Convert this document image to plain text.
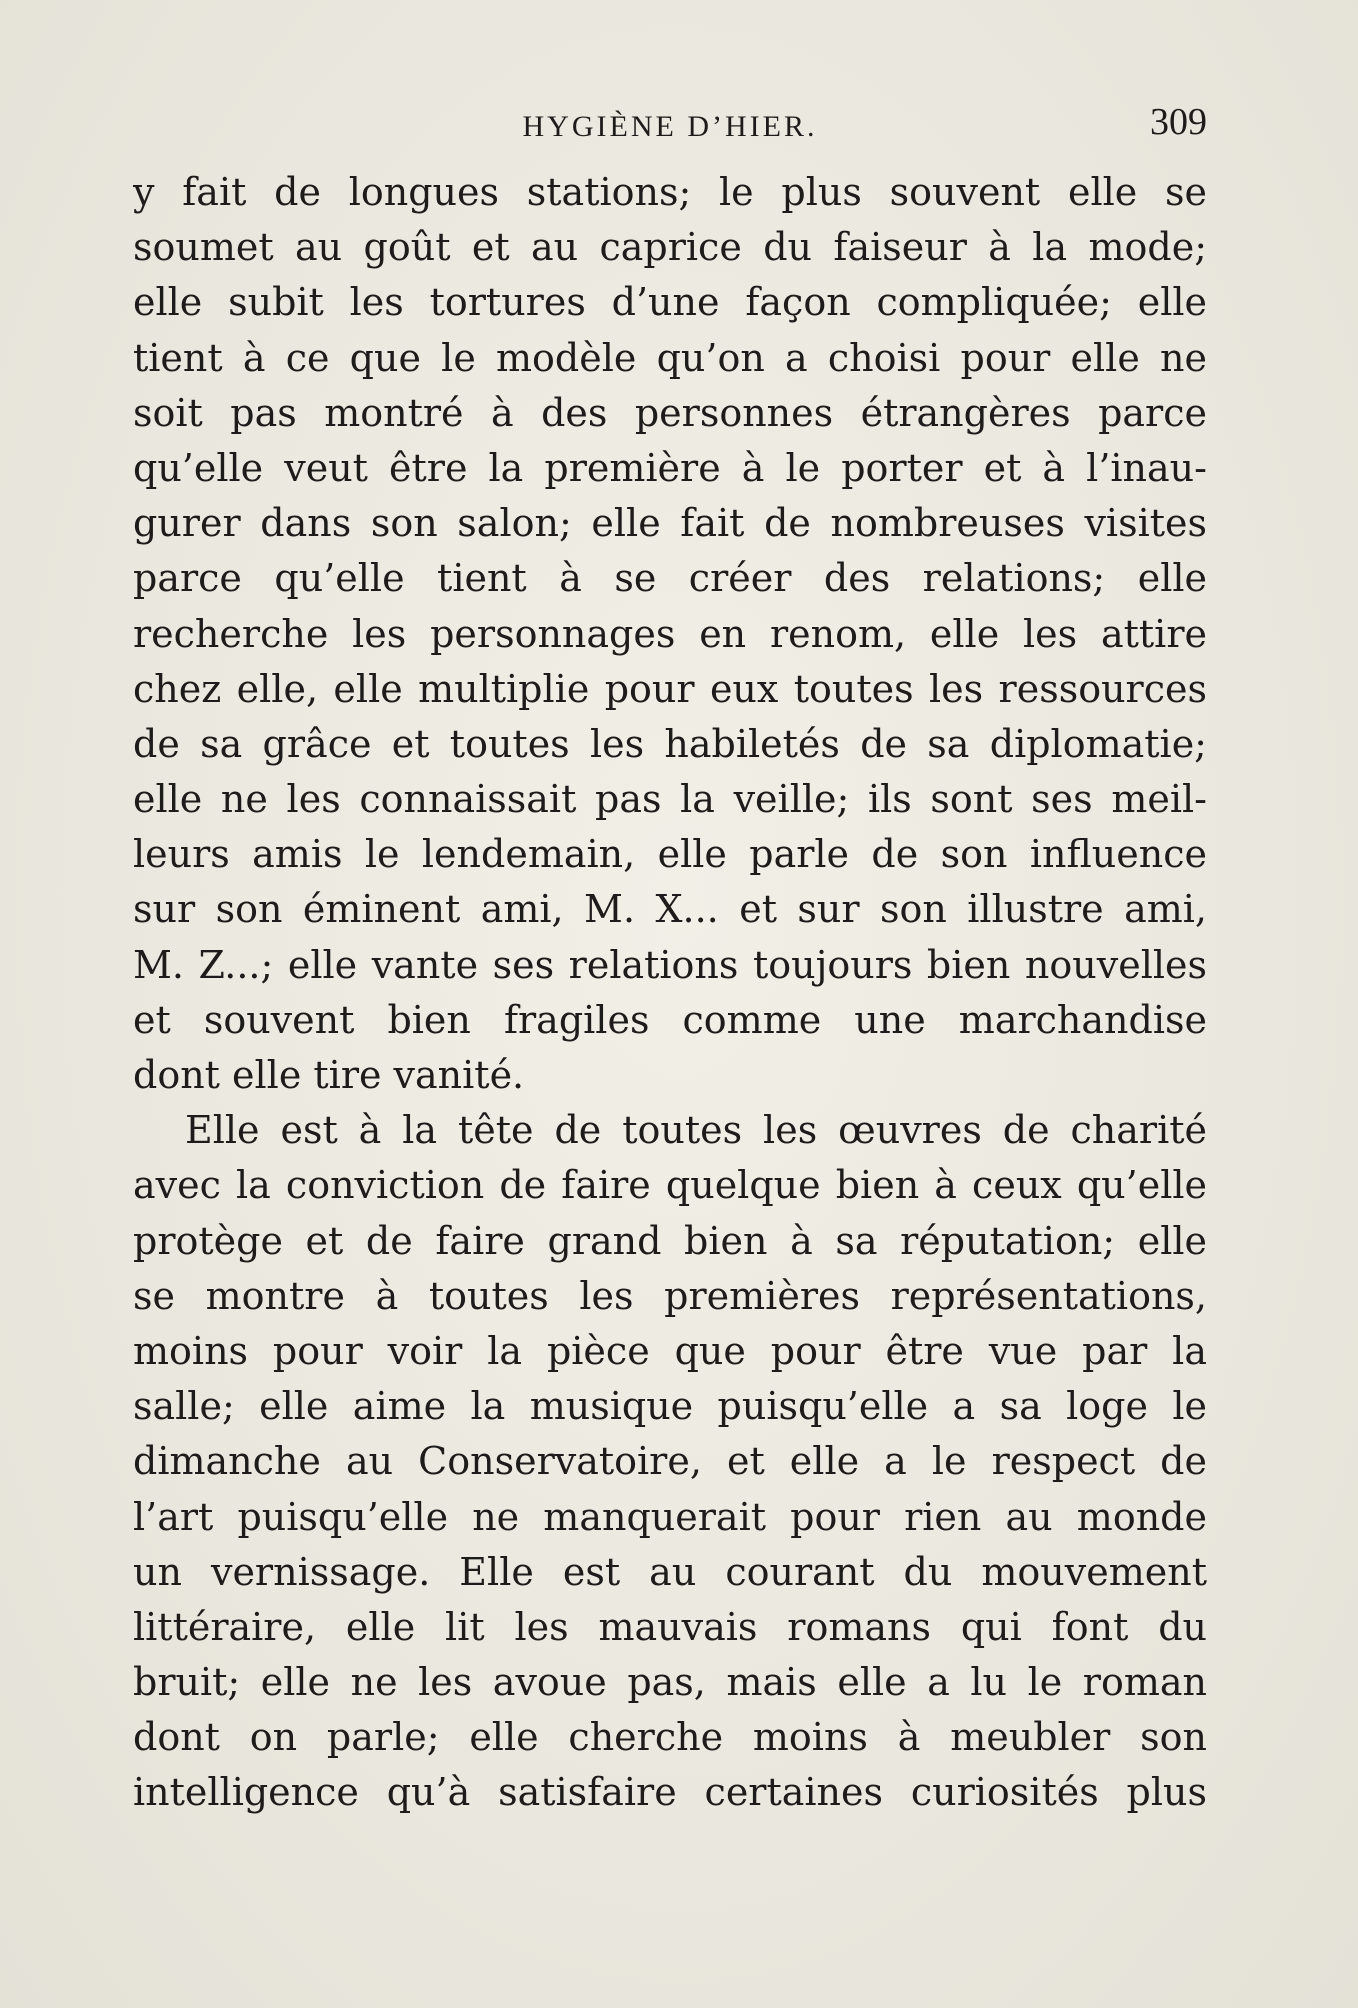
HYGIÈNE D’HIER.	309
y fait de longues stations; le plus souvent elle se
soumet au goût et au caprice du faiseur à la mode;
elle subit les tortures d’une façon compliquée; elle
tient à ce que le modèle qu’on a choisi pour elle ne
soit pas montré à des personnes étrangères parce
qu’elle veut être la première à le porter et à l’inau-
gurer dans son salon; elle fait de nombreuses visites
parce qu’elle tient à se créer des relations; elle
recherche les personnages en renom, elle les attire
chez elle, elle multiplie pour eux toutes les ressources
de sa grâce et toutes les habiletés de sa diplomatie;
elle ne les connaissait pas la veille; ils sont ses meil-
leurs amis le lendemain, elle parle de son influence
sur son éminent ami, M. X... et sur son illustre ami,
M. Z...; elle vante ses relations toujours bien nouvelles
et souvent bien fragiles comme une marchandise
dont elle tire vanité.
Elle est à la tête de toutes les œuvres de charité
avec la conviction de faire quelque bien à ceux qu’elle
protège et de faire grand bien à sa réputation; elle
se montre à toutes les premières représentations,
moins pour voir la pièce que pour être vue par la
salle; elle aime la musique puisqu’elle a sa loge le
dimanche au Conservatoire, et elle a le respect de
l’art puisqu’elle ne manquerait pour rien au monde
un vernissage. Elle est au courant du mouvement
littéraire, elle lit les mauvais romans qui font du
bruit; elle ne les avoue pas, mais elle a lu le roman
dont on parle; elle cherche moins à meubler son
intelligence qu’à satisfaire certaines curiosités plus
